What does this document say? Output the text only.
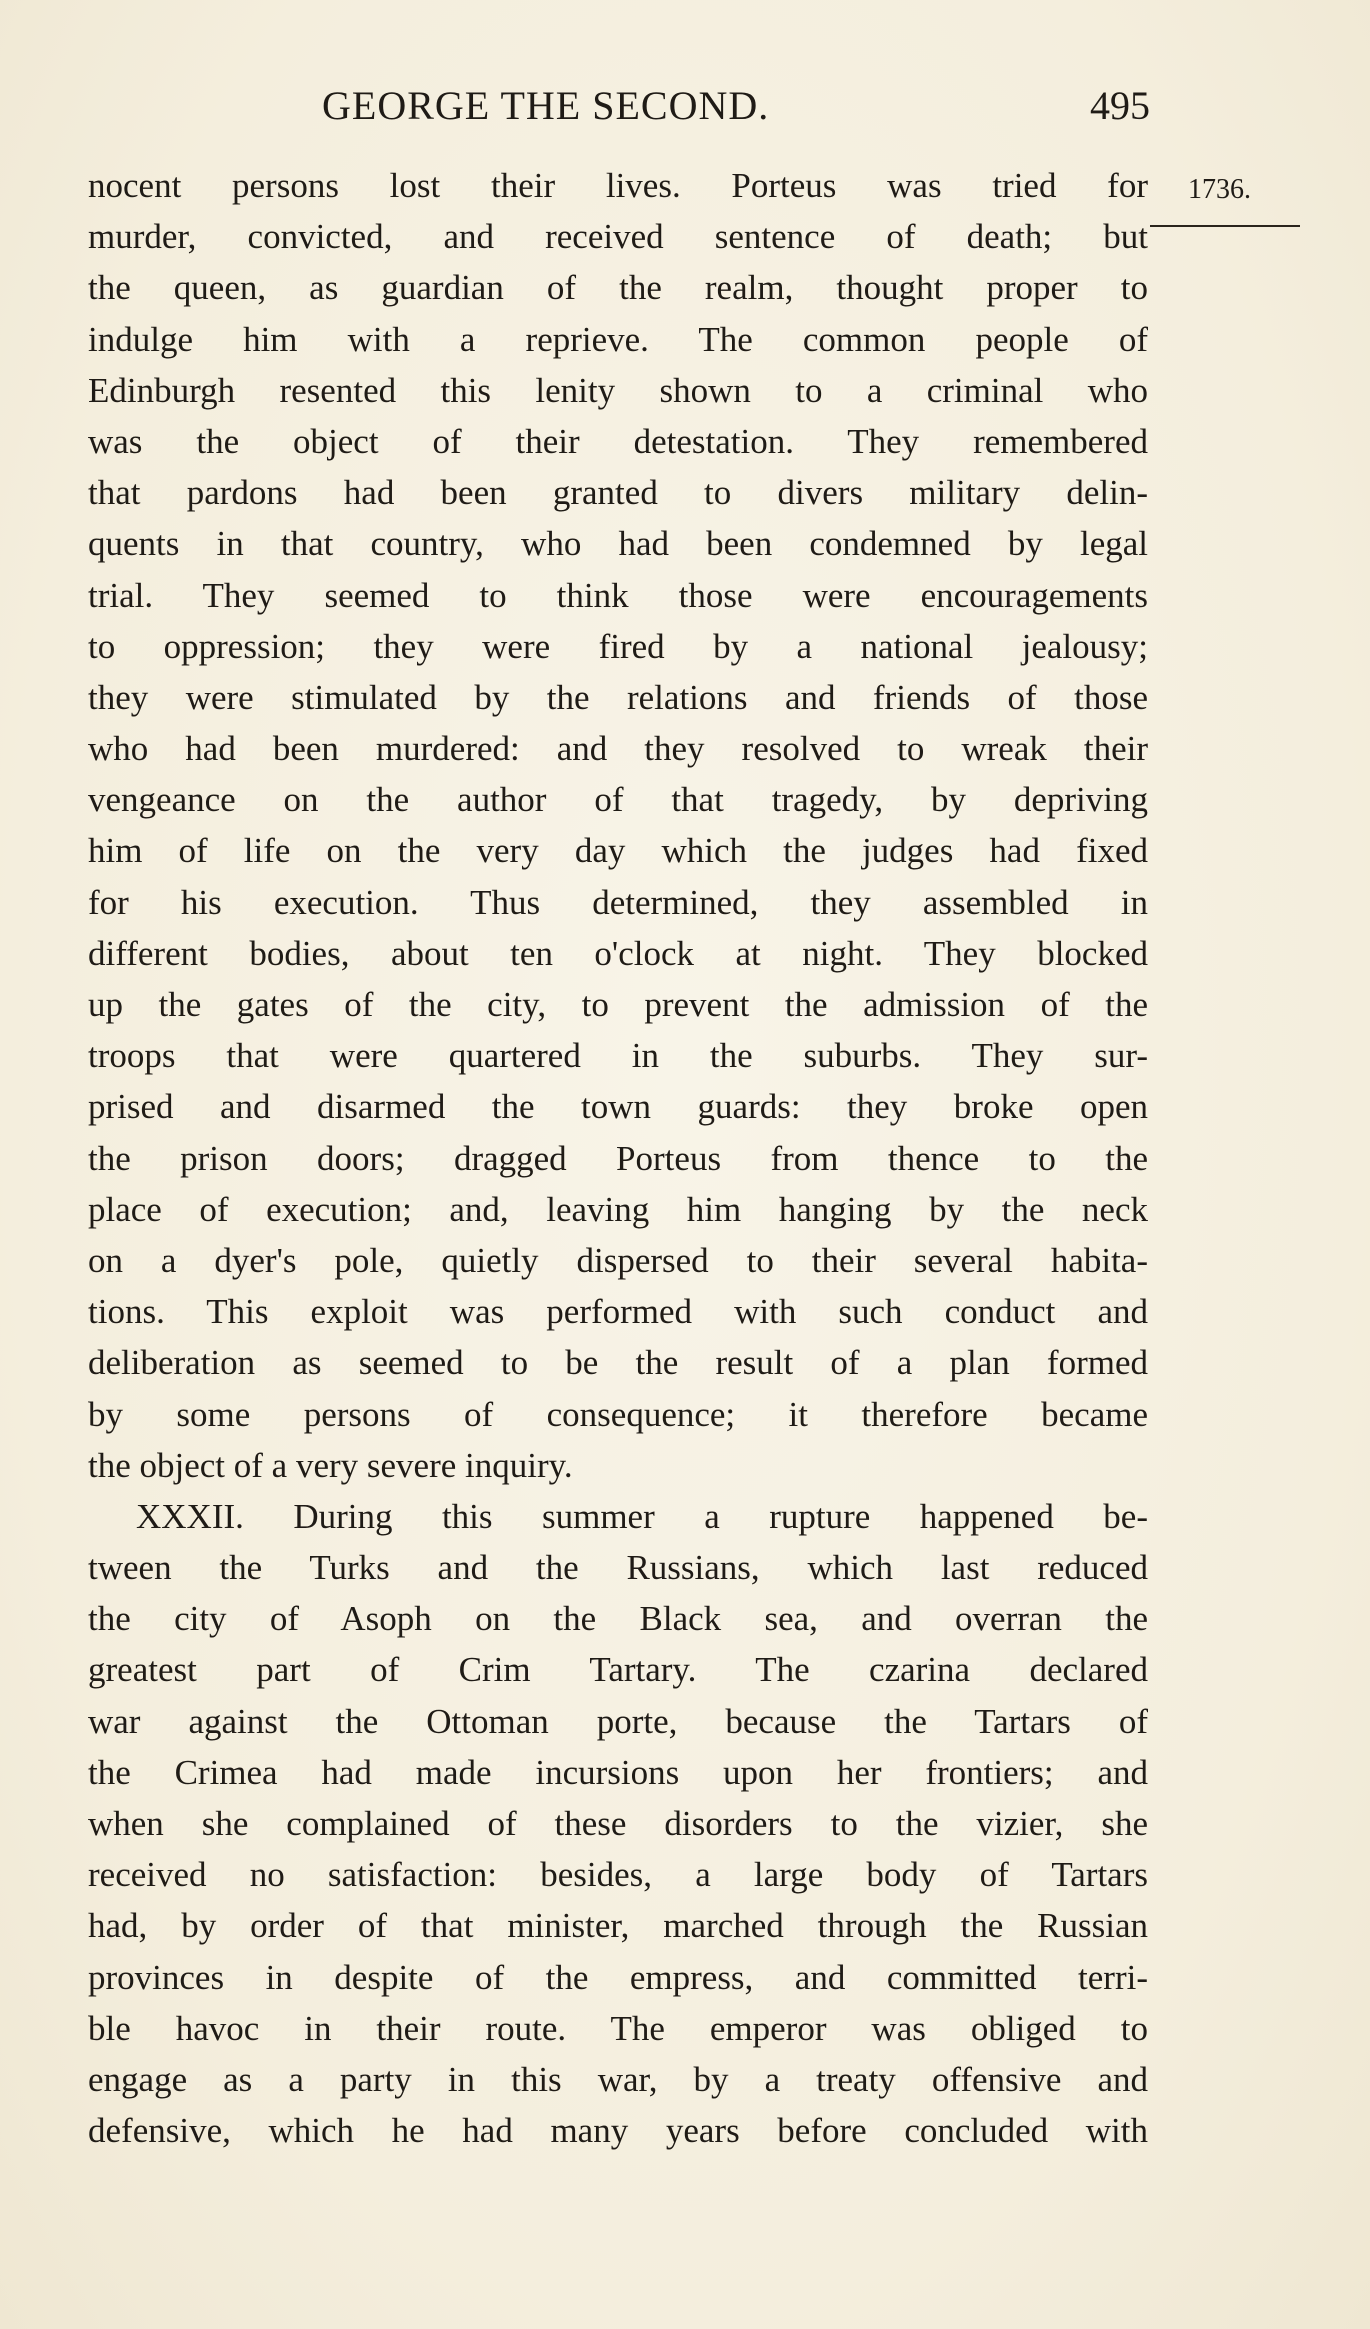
GEORGE THE SECOND.	495
1736.
nocent persons lost their lives. Porteus was tried for
murder, convicted, and received sentence of death; but
the queen, as guardian of the realm, thought proper to
indulge him with a reprieve. The common people of
Edinburgh resented this lenity shown to a criminal who
was the object of their detestation. They remembered
that pardons had been granted to divers military delin-
quents in that country, who had been condemned by legal
trial. They seemed to think those were encouragements
to oppression; they were fired by a national jealousy;
they were stimulated by the relations and friends of those
who had been murdered: and they resolved to wreak their
vengeance on the author of that tragedy, by depriving
him of life on the very day which the judges had fixed
for his execution. Thus determined, they assembled in
different bodies, about ten o'clock at night. They blocked
up the gates of the city, to prevent the admission of the
troops that were quartered in the suburbs. They sur-
prised and disarmed the town guards: they broke open
the prison doors; dragged Porteus from thence to the
place of execution; and, leaving him hanging by the neck
on a dyer's pole, quietly dispersed to their several habita-
tions. This exploit was performed with such conduct and
deliberation as seemed to be the result of a plan formed
by some persons of consequence; it therefore became
the object of a very severe inquiry.
XXXII. During this summer a rupture happened be-
tween the Turks and the Russians, which last reduced
the city of Asoph on the Black sea, and overran the
greatest part of Crim Tartary. The czarina declared
war against the Ottoman porte, because the Tartars of
the Crimea had made incursions upon her frontiers; and
when she complained of these disorders to the vizier, she
received no satisfaction: besides, a large body of Tartars
had, by order of that minister, marched through the Russian
provinces in despite of the empress, and committed terri-
ble havoc in their route. The emperor was obliged to
engage as a party in this war, by a treaty offensive and
defensive, which he had many years before concluded with
